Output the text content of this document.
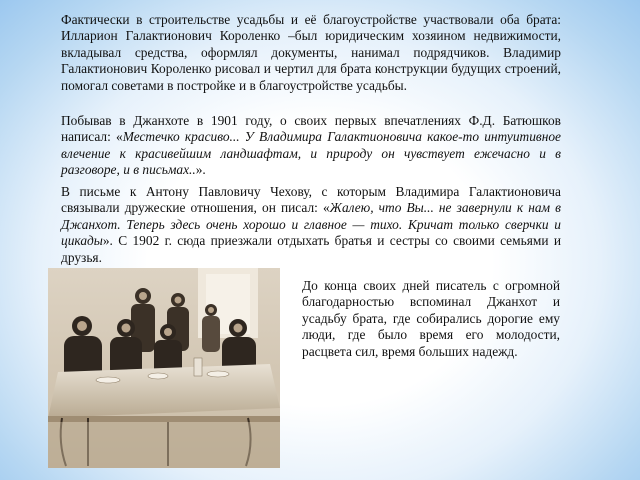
Фактически в строительстве усадьбы и её благоустройстве участвовали оба брата: Илларион Галактионович Короленко –был юридическим хозяином недвижимости, вкладывал средства, оформлял документы, нанимал подрядчиков. Владимир Галактионович Короленко рисовал и чертил для брата конструкции будущих строений, помогал советами в постройке и в благоустройстве усадьбы.
Побывав в Джанхоте в 1901 году, о своих первых впечатлениях Ф.Д. Батюшков написал: «Местечко красиво... У Владимира Галактионовича какое-то интуитивное влечение к красивейшим ландшафтам, и природу он чувствует ежечасно и в разговоре, и в письмах..».
В письме к Антону Павловичу Чехову, с которым Владимира Галактионовича связывали дружеские отношения, он писал: «Жалею, что Вы... не завернули к нам в Джанхот. Теперь здесь очень хорошо и главное — тихо. Кричат только сверчки и цикады». С 1902 г. сюда приезжали отдыхать братья и сестры со своими семьями и друзья.
До конца своих дней писатель с огромной благодарностью вспоминал Джанхот и усадьбу брата, где собирались дорогие ему люди, где было время его молодости, расцвета сил, время больших надежд.
